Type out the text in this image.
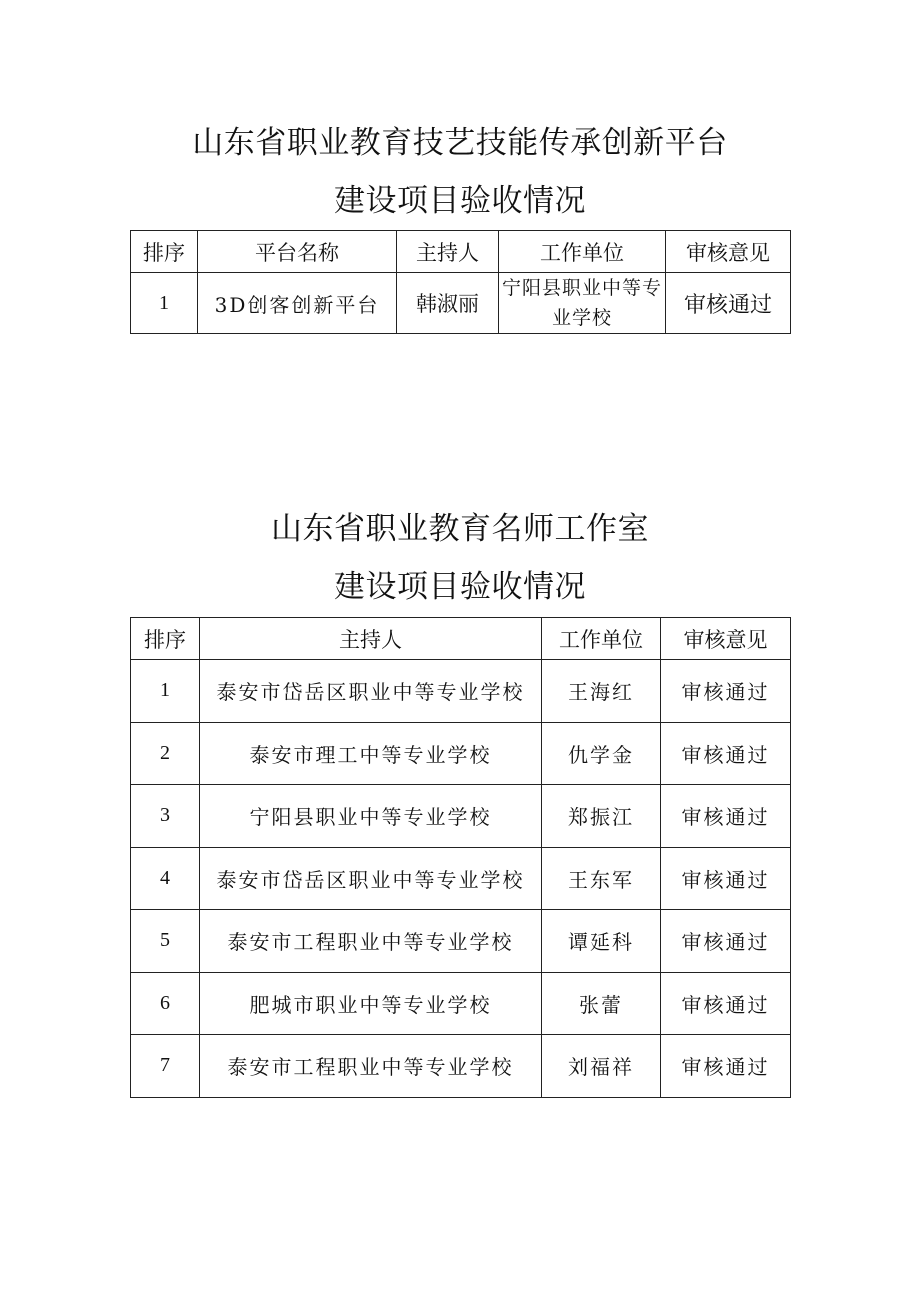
山东省职业教育技艺技能传承创新平台
建设项目验收情况
排序	平台名称	主持人	工作单位	审核意见
1	3D创客创新平台	韩淑丽	宁阳县职业中等专业学校	审核通过
山东省职业教育名师工作室
建设项目验收情况
排序	主持人	工作单位	审核意见
1	泰安市岱岳区职业中等专业学校	王海红	审核通过
2	泰安市理工中等专业学校	仇学金	审核通过
3	宁阳县职业中等专业学校	郑振江	审核通过
4	泰安市岱岳区职业中等专业学校	王东军	审核通过
5	泰安市工程职业中等专业学校	谭延科	审核通过
6	肥城市职业中等专业学校	张蕾	审核通过
7	泰安市工程职业中等专业学校	刘福祥	审核通过
